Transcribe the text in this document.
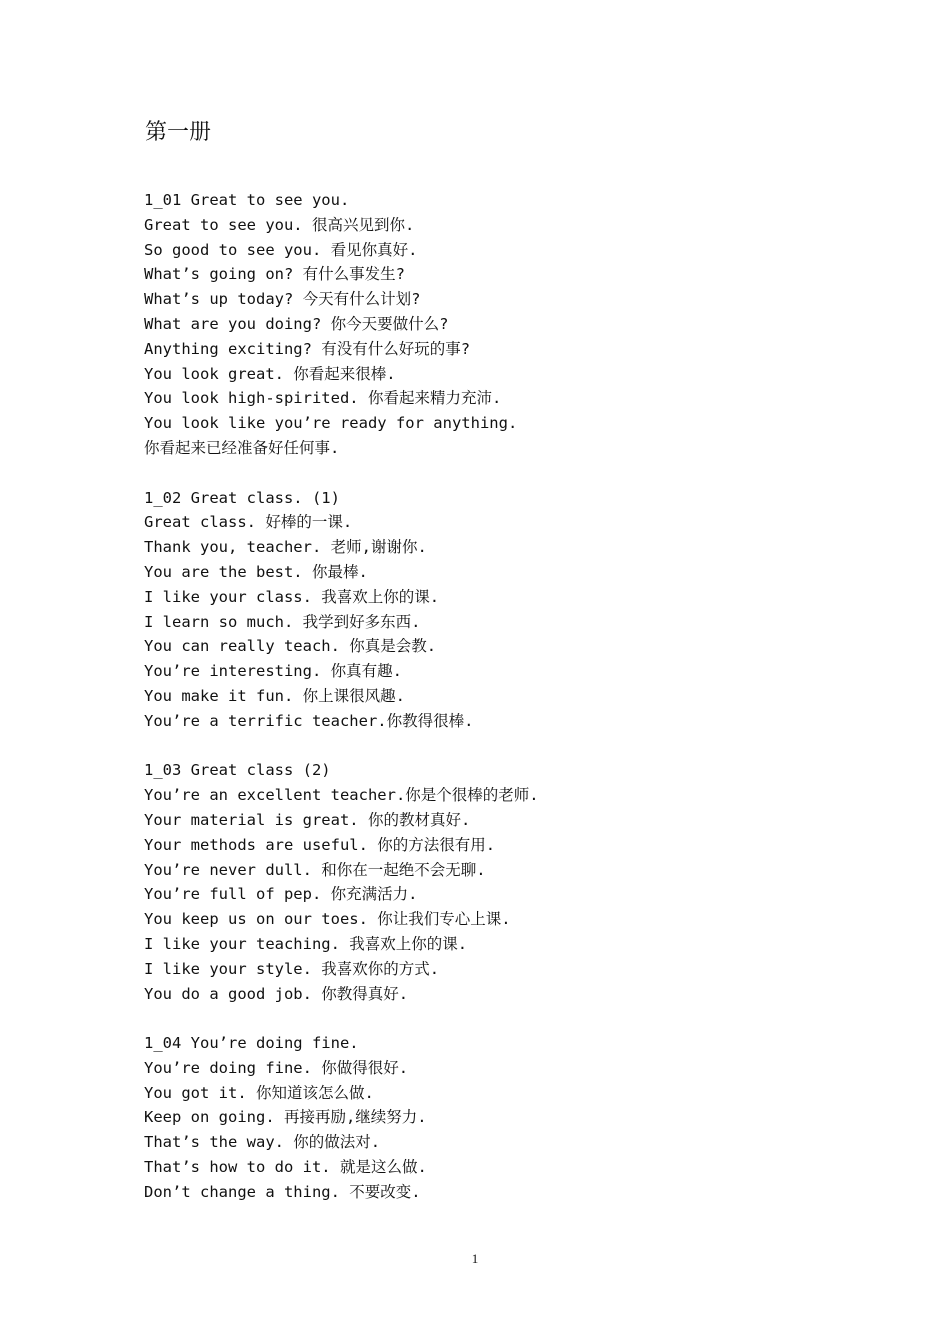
第一册
1_01 Great to see you.
Great to see you. 很高兴见到你.
So good to see you. 看见你真好.
What’s going on? 有什么事发生?
What’s up today? 今天有什么计划?
What are you doing? 你今天要做什么?
Anything exciting? 有没有什么好玩的事?
You look great. 你看起来很棒.
You look high-spirited. 你看起来精力充沛.
You look like you’re ready for anything.
你看起来已经准备好任何事.
1_02 Great class. (1)
Great class. 好棒的一课.
Thank you, teacher. 老师,谢谢你.
You are the best. 你最棒.
I like your class. 我喜欢上你的课.
I learn so much. 我学到好多东西.
You can really teach. 你真是会教.
You’re interesting. 你真有趣.
You make it fun. 你上课很风趣.
You’re a terrific teacher.你教得很棒.
1_03 Great class (2)
You’re an excellent teacher.你是个很棒的老师.
Your material is great. 你的教材真好.
Your methods are useful. 你的方法很有用.
You’re never dull. 和你在一起绝不会无聊.
You’re full of pep. 你充满活力.
You keep us on our toes. 你让我们专心上课.
I like your teaching. 我喜欢上你的课.
I like your style. 我喜欢你的方式.
You do a good job. 你教得真好.
1_04 You’re doing fine.
You’re doing fine. 你做得很好.
You got it. 你知道该怎么做.
Keep on going. 再接再励,继续努力.
That’s the way. 你的做法对.
That’s how to do it. 就是这么做.
Don’t change a thing. 不要改变.
1
